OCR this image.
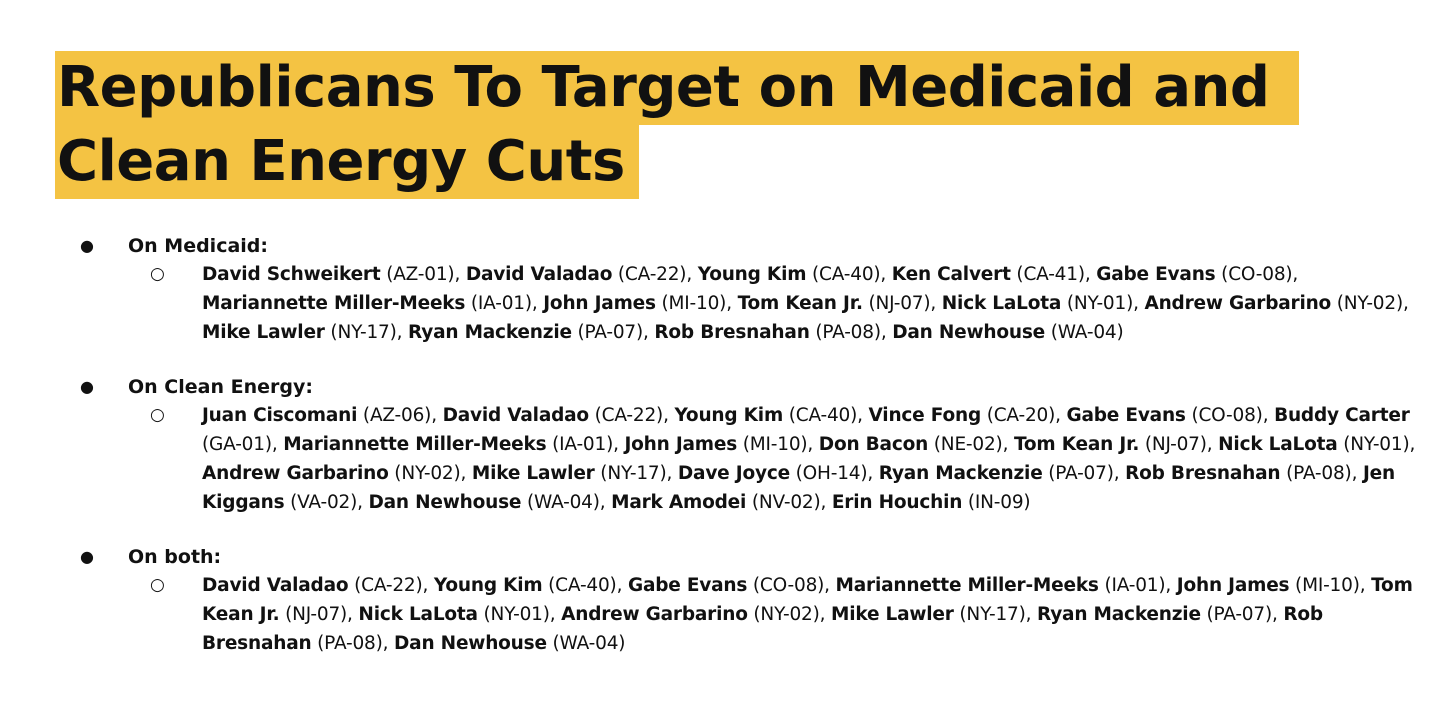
Republicans To Target on Medicaid and
Clean Energy Cuts
● On Medicaid:
○ David Schweikert (AZ-01), David Valadao (CA-22), Young Kim (CA-40), Ken Calvert (CA-41), Gabe Evans (CO-08), Mariannette Miller-Meeks (IA-01), John James (MI-10), Tom Kean Jr. (NJ-07), Nick LaLota (NY-01), Andrew Garbarino (NY-02), Mike Lawler (NY-17), Ryan Mackenzie (PA-07), Rob Bresnahan (PA-08), Dan Newhouse (WA-04)
● On Clean Energy:
○ Juan Ciscomani (AZ-06), David Valadao (CA-22), Young Kim (CA-40), Vince Fong (CA-20), Gabe Evans (CO-08), Buddy Carter (GA-01), Mariannette Miller-Meeks (IA-01), John James (MI-10), Don Bacon (NE-02), Tom Kean Jr. (NJ-07), Nick LaLota (NY-01), Andrew Garbarino (NY-02), Mike Lawler (NY-17), Dave Joyce (OH-14), Ryan Mackenzie (PA-07), Rob Bresnahan (PA-08), Jen Kiggans (VA-02), Dan Newhouse (WA-04), Mark Amodei (NV-02), Erin Houchin (IN-09)
● On both:
○ David Valadao (CA-22), Young Kim (CA-40), Gabe Evans (CO-08), Mariannette Miller-Meeks (IA-01), John James (MI-10), Tom Kean Jr. (NJ-07), Nick LaLota (NY-01), Andrew Garbarino (NY-02), Mike Lawler (NY-17), Ryan Mackenzie (PA-07), Rob Bresnahan (PA-08), Dan Newhouse (WA-04)
